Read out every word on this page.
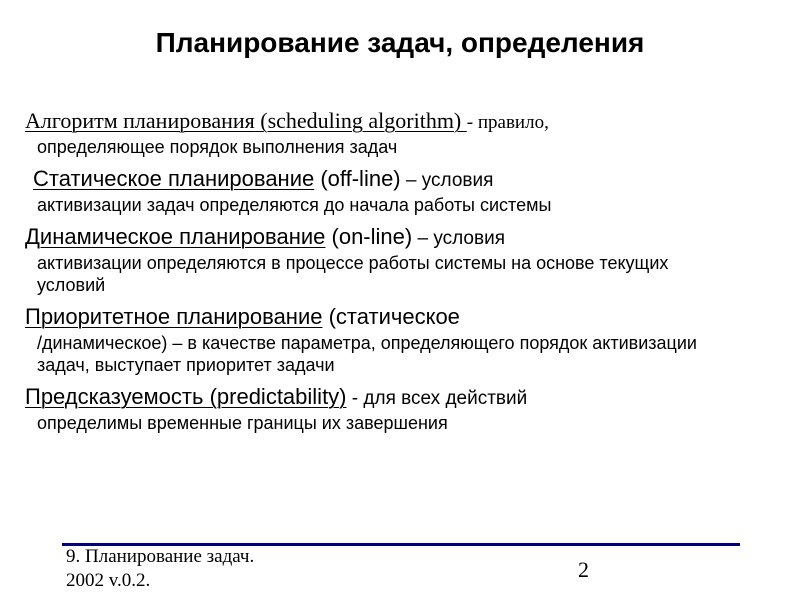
Планирование задач, определения
Алгоритм планирования (scheduling algorithm) - правило,
определяющее порядок выполнения задач
Статическое планирование (off-line) – условия
активизации задач определяются до начала работы системы
Динамическое планирование (on-line) – условия
активизации определяются в процессе работы системы на основе текущих условий
Приоритетное планирование (статическое
/динамическое) – в качестве параметра, определяющего порядок активизации задач, выступает приоритет задачи
Предсказуемость (predictability) - для всех действий
определимы временные границы их завершения
9. Планирование задач.
2002 v.0.2.	2
